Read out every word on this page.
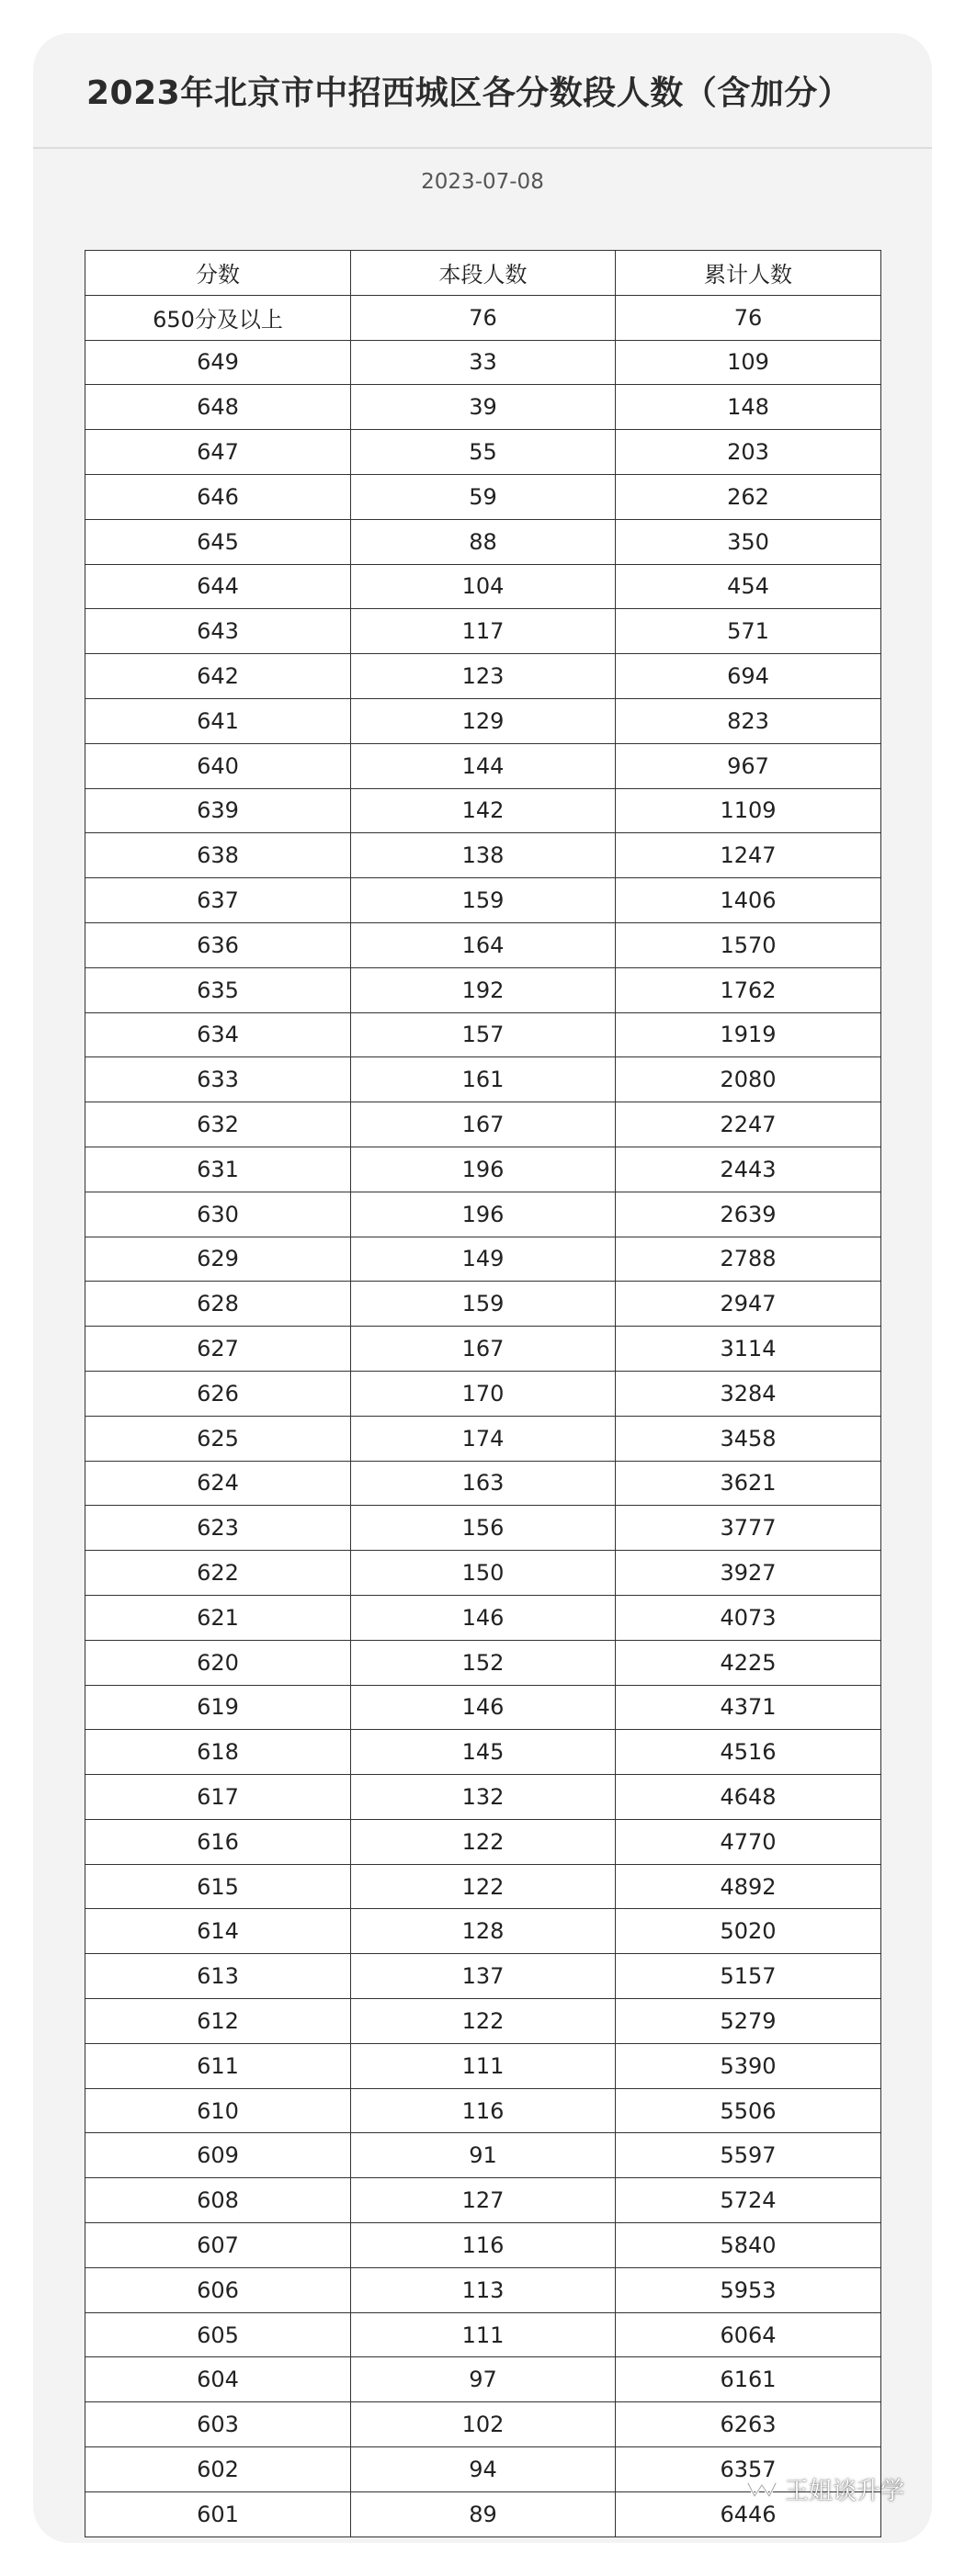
2023年北京市中招西城区各分数段人数（含加分）
2023-07-08
分数	本段人数	累计人数
650分及以上	76	76
649	33	109
648	39	148
647	55	203
646	59	262
645	88	350
644	104	454
643	117	571
642	123	694
641	129	823
640	144	967
639	142	1109
638	138	1247
637	159	1406
636	164	1570
635	192	1762
634	157	1919
633	161	2080
632	167	2247
631	196	2443
630	196	2639
629	149	2788
628	159	2947
627	167	3114
626	170	3284
625	174	3458
624	163	3621
623	156	3777
622	150	3927
621	146	4073
620	152	4225
619	146	4371
618	145	4516
617	132	4648
616	122	4770
615	122	4892
614	128	5020
613	137	5157
612	122	5279
611	111	5390
610	116	5506
609	91	5597
608	127	5724
607	116	5840
606	113	5953
605	111	6064
604	97	6161
603	102	6263
602	94	6357
601	89	6446
王姐谈升学
